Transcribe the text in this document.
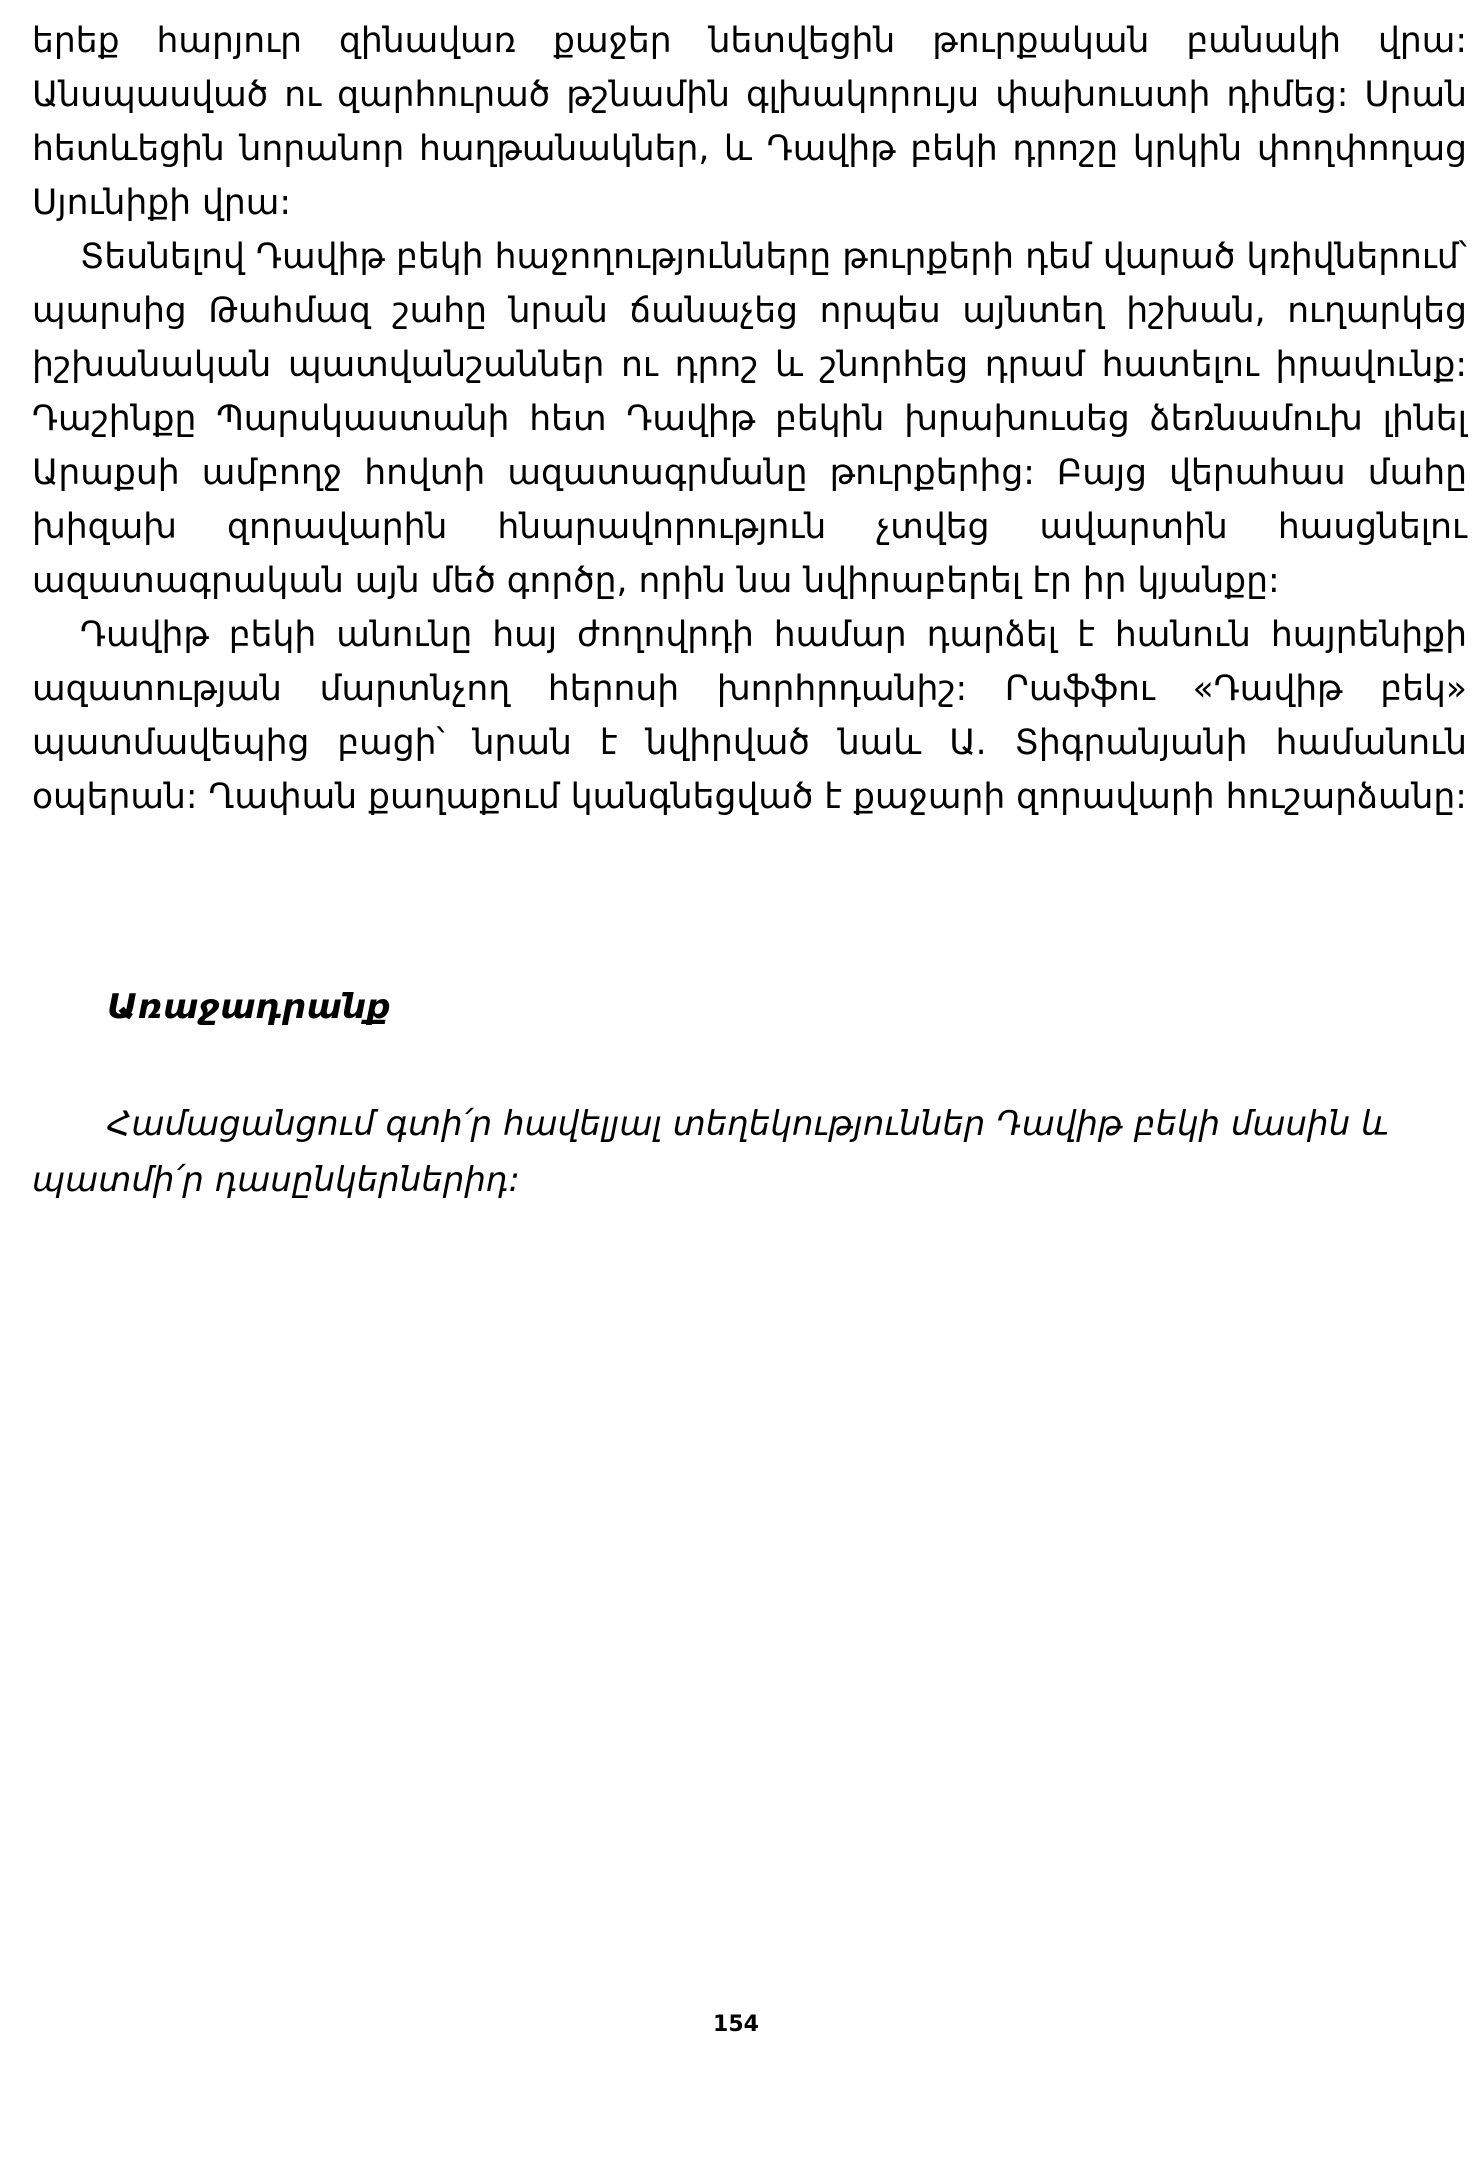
երեք հարյուր զինավառ քաջեր նետվեցին թուրքական բանակի վրա: Անսպասված ու զարհուրած թշնամին գլխակորույս փախուստի դիմեց: Սրան հետևեցին նորանոր հաղթանակներ, և Դավիթ բեկի դրոշը կրկին փողփողաց Սյունիքի վրա:

Տեսնելով Դավիթ բեկի հաջողությունները թուրքերի դեմ վարած կռիվներում՝ պարսից Թահմազ շահը նրան ճանաչեց որպես այնտեղ իշխան, ուղարկեց իշխանական պատվանշաններ ու դրոշ և շնորհեց դրամ հատելու իրավունք: Դաշինքը Պարսկաստանի հետ Դավիթ բեկին խրախուսեց ձեռնամուխ լինել Արաքսի ամբողջ հովտի ազատագրմանը թուրքերից: Բայց վերահաս մահը խիզախ զորավարին հնարավորություն չտվեց ավարտին հասցնելու ազատագրական այն մեծ գործը, որին նա նվիրաբերել էր իր կյանքը:

Դավիթ բեկի անունը հայ ժողովրդի համար դարձել է հանուն հայրենիքի ազատության մարտնչող հերոսի խորհրդանիշ: Րաֆֆու «Դավիթ բեկ» պատմավեպից բացի՝ նրան է նվիրված նաև Ա. Տիգրանյանի համանուն օպերան: Ղափան քաղաքում կանգնեցված է քաջարի զորավարի հուշարձանը:

Առաջադրանք

Համացանցում գտի՛ր հավելյալ տեղեկություններ Դավիթ բեկի մասին և պատմի՛ր դասընկերներիդ:

154
